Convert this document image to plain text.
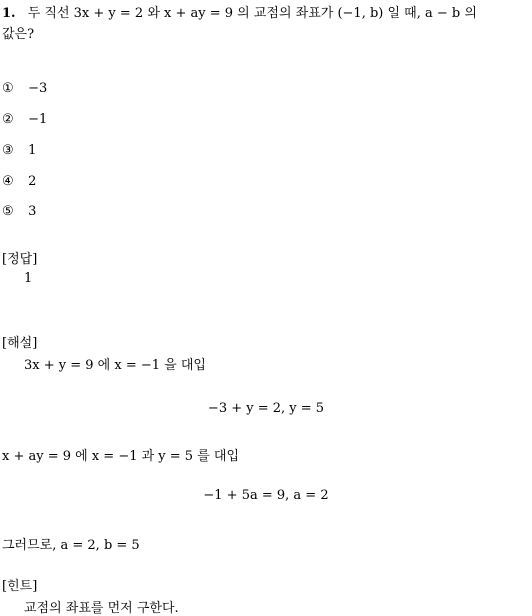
1. 두 직선 3x + y = 2 와 x + ay = 9 의 교점의 좌표가 (−1, b) 일 때, a − b 의
값은?
① −3
② −1
③ 1
④ 2
⑤ 3
[정답]
1
[해설]
3x + y = 9 에 x = −1 을 대입
−3 + y = 2, y = 5
x + ay = 9 에 x = −1 과 y = 5 를 대입
−1 + 5a = 9, a = 2
그러므로, a = 2, b = 5
[힌트]
교점의 좌표를 먼저 구한다.
